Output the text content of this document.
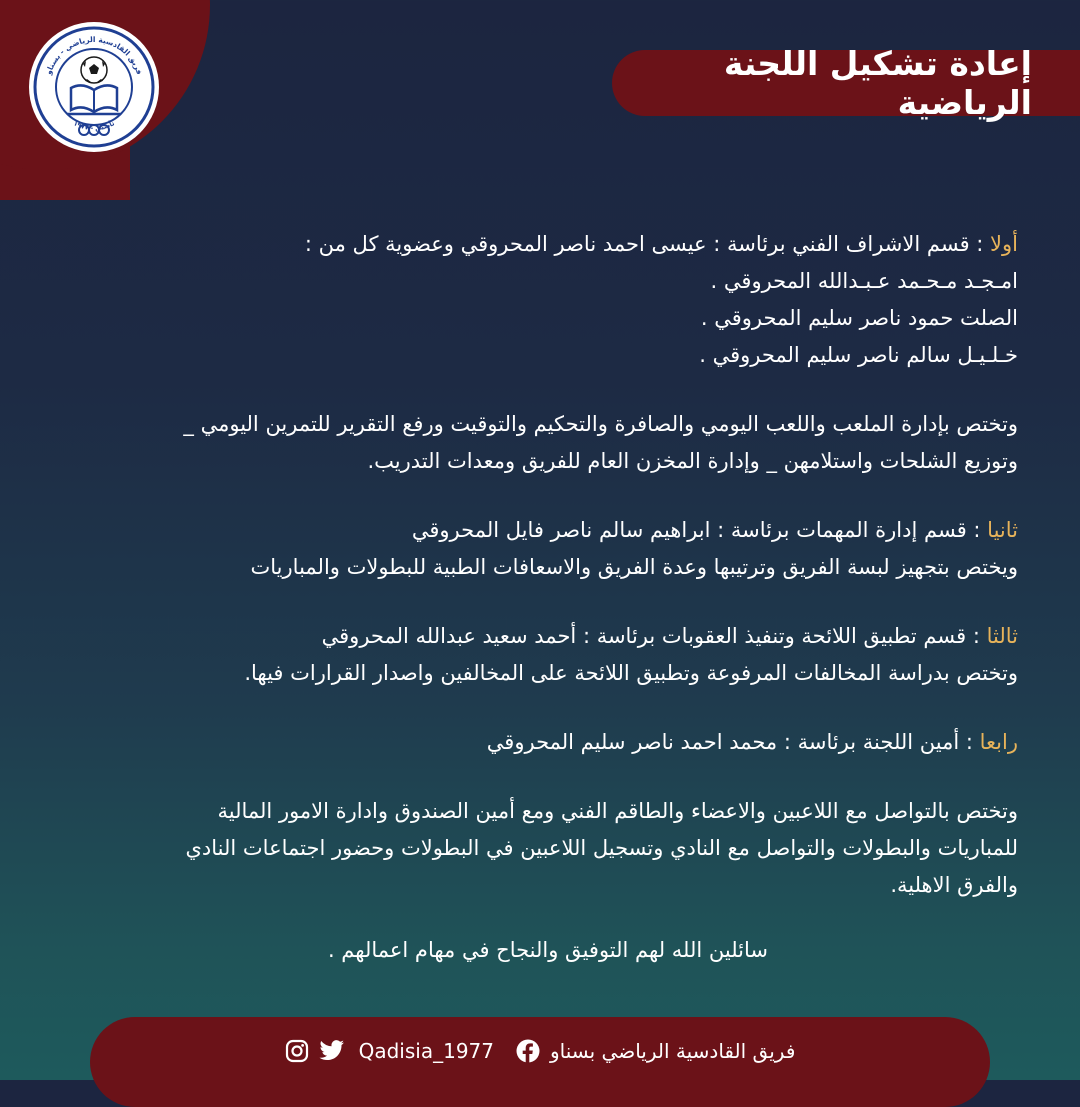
فريق القادسية الرياضي - بسناو
تأسس - ١٩٧٧
إعادة تشكيل اللجنة الرياضية

أولا : قسم الاشراف الفني برئاسة : عيسى احمد ناصر المحروقي وعضوية كل من :

امـجـد مـحـمد عـبـدالله المحروقي .

الصلت حمود ناصر سليم المحروقي .

خـلـيـل سالم ناصر سليم المحروقي .

وتختص بإدارة الملعب واللعب اليومي والصافرة والتحكيم والتوقيت ورفع التقرير للتمرين اليومي _

وتوزيع الشلحات واستلامهن _ وإدارة المخزن العام للفريق ومعدات التدريب.

ثانيا : قسم إدارة المهمات برئاسة : ابراهيم سالم ناصر فايل المحروقي

ويختص بتجهيز لبسة الفريق وترتيبها وعدة الفريق والاسعافات الطبية للبطولات والمباريات

ثالثا : قسم تطبيق اللائحة وتنفيذ العقوبات برئاسة : أحمد سعيد عبدالله المحروقي

وتختص بدراسة المخالفات المرفوعة وتطبيق اللائحة على المخالفين واصدار القرارات فيها.

رابعا : أمين اللجنة برئاسة : محمد احمد ناصر سليم المحروقي

وتختص بالتواصل مع اللاعبين والاعضاء والطاقم الفني ومع أمين الصندوق وادارة الامور المالية

للمباريات والبطولات والتواصل مع النادي وتسجيل اللاعبين في البطولات وحضور اجتماعات النادي

والفرق الاهلية.

سائلين الله لهم التوفيق والنجاح في مهام اعمالهم .

Qadisia_1977	فريق القادسية الرياضي بسناو
